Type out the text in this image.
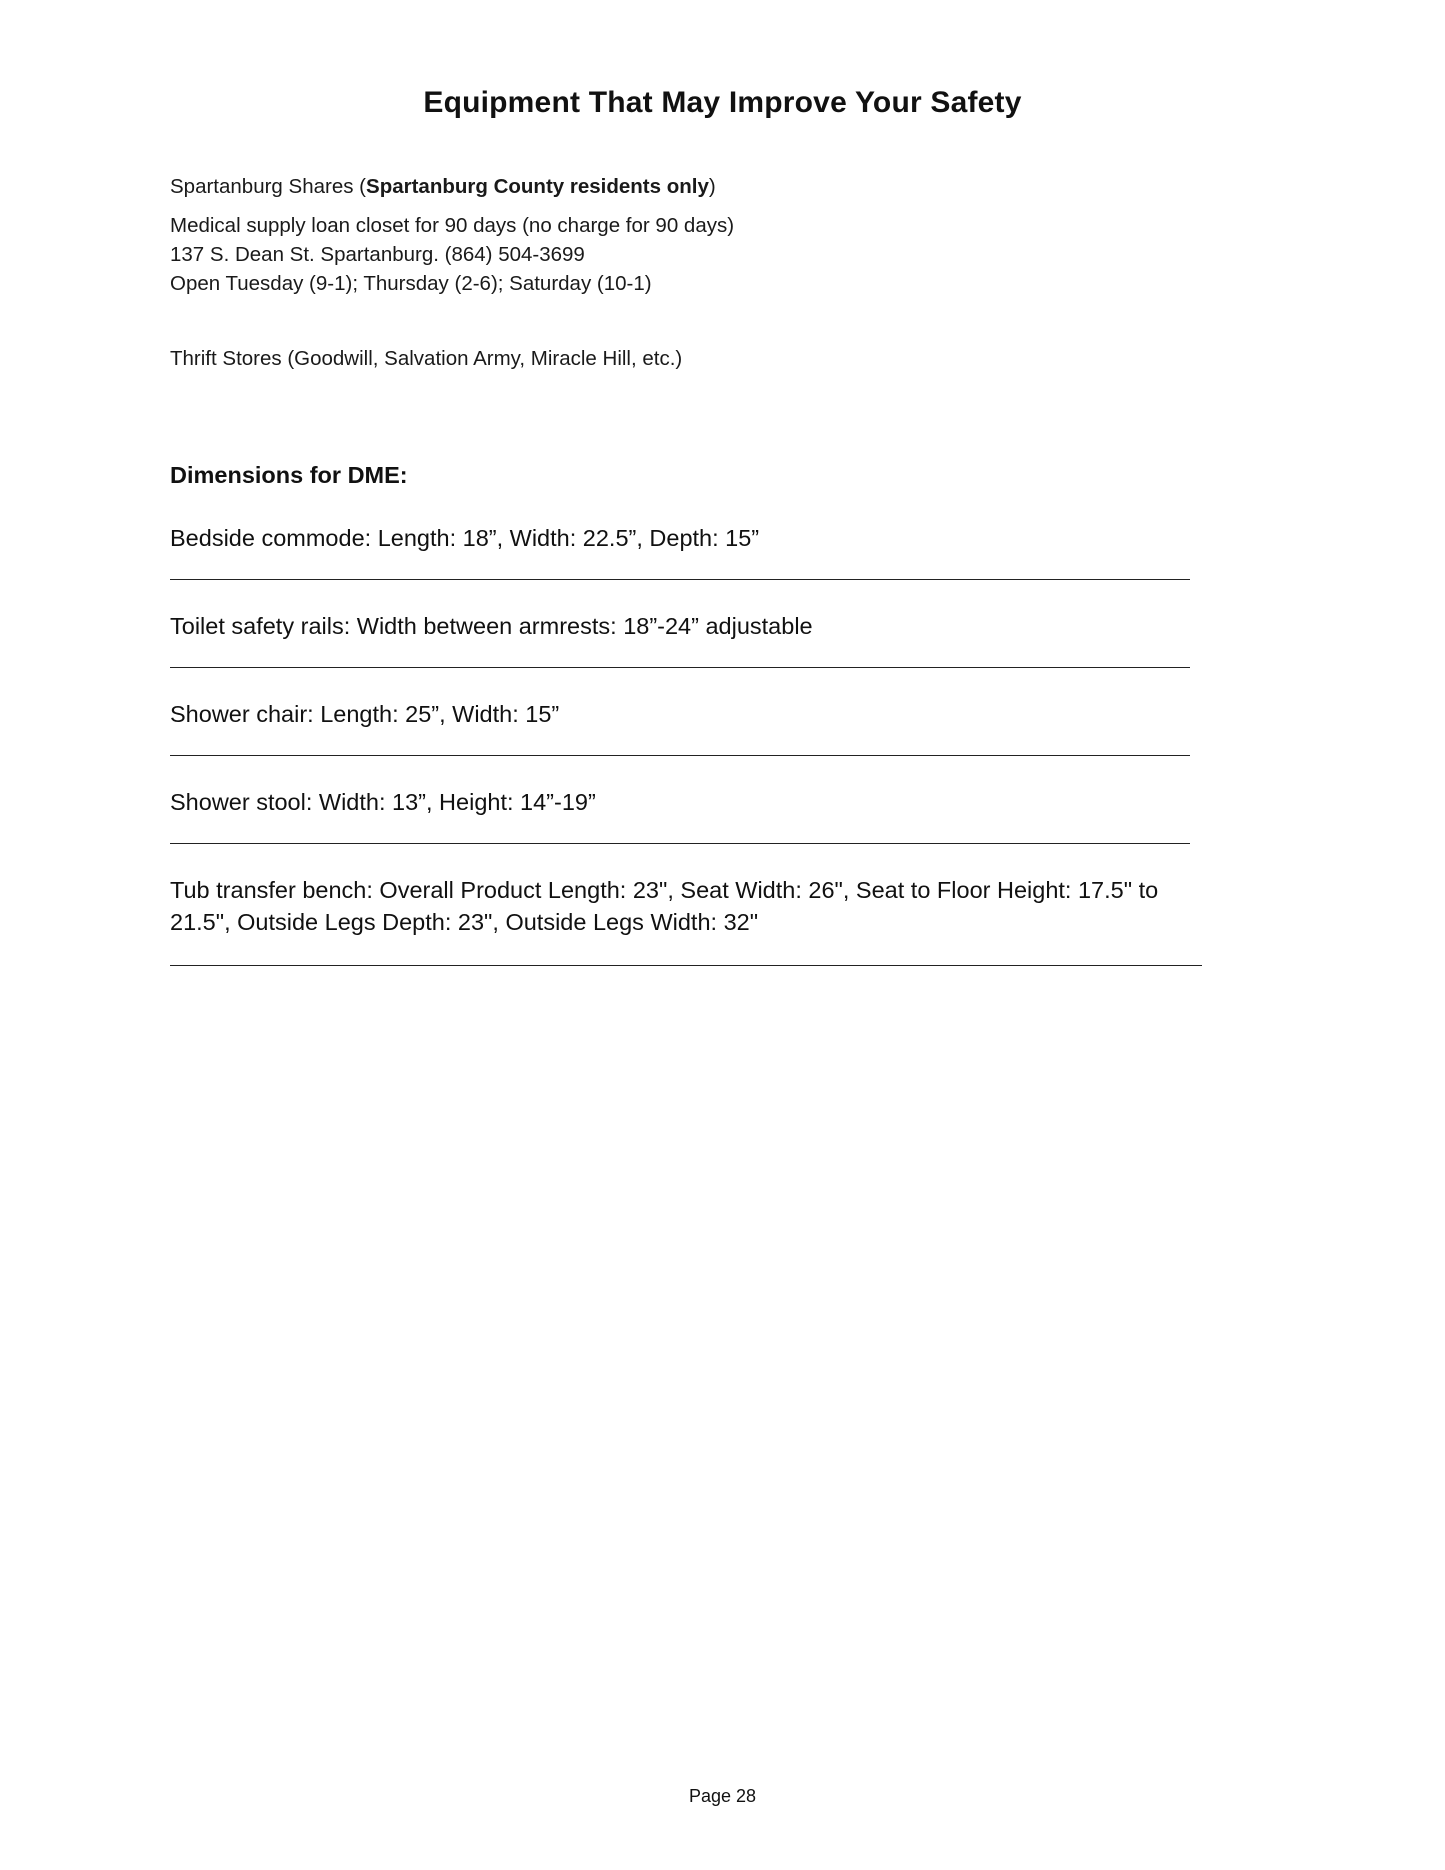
Equipment That May Improve Your Safety
Spartanburg Shares (Spartanburg County residents only)
Medical supply loan closet for 90 days (no charge for 90 days)
137 S. Dean St. Spartanburg. (864) 504-3699
Open Tuesday (9-1); Thursday (2-6); Saturday (10-1)
Thrift Stores (Goodwill, Salvation Army, Miracle Hill, etc.)
Dimensions for DME:
Bedside commode: Length: 18”, Width: 22.5”, Depth: 15”
Toilet safety rails: Width between armrests: 18”-24” adjustable
Shower chair: Length: 25”, Width: 15”
Shower stool: Width: 13”, Height: 14”-19”
Tub transfer bench: Overall Product Length: 23", Seat Width: 26", Seat to Floor Height: 17.5" to 21.5", Outside Legs Depth: 23", Outside Legs Width: 32"
Page 28
